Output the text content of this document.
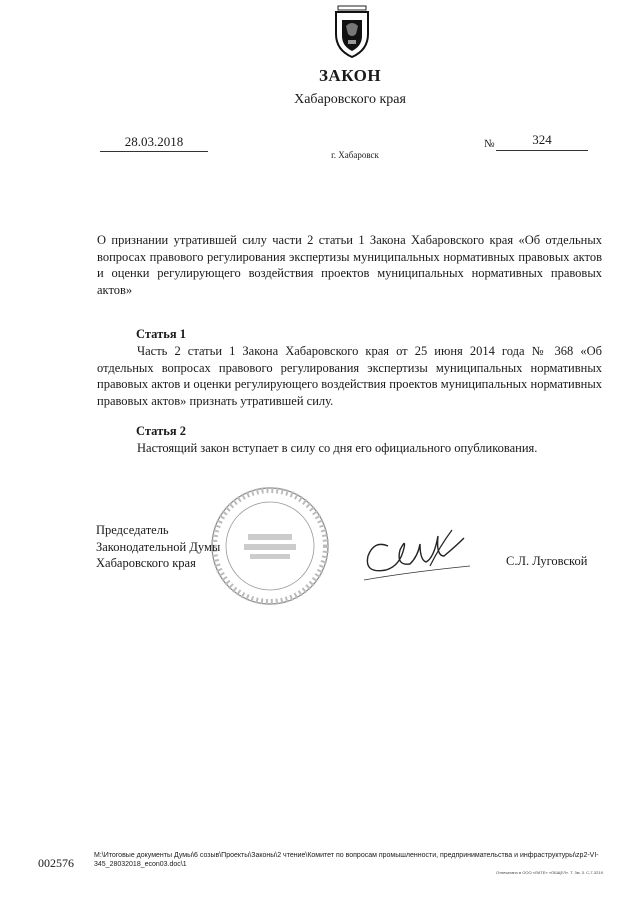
ЗАКОН
Хабаровского края
28.03.2018	№	324
г. Хабаровск
О признании утратившей силу части 2 статьи 1 Закона Хабаровского края «Об отдельных вопросах правового регулирования экспертизы муниципальных нормативных правовых актов и оценки регулирующего воздействия проектов муниципальных нормативных правовых актов»
Статья 1
Часть 2 статьи 1 Закона Хабаровского края от 25 июня 2014 года № 368 «Об отдельных вопросах правового регулирования экспертизы муниципальных нормативных правовых актов и оценки регулирующего воздействия проектов муниципальных нормативных правовых актов» признать утратившей силу.
Статья 2
Настоящий закон вступает в силу со дня его официального опубликования.
Председатель
Законодательной Думы
Хабаровского края	С.Л. Луговской
M:\Итоговые документы Думы\6 созыв\Проекты\Законы\2 чтение\Комитет по вопросам промышленности, предпринимательства и инфраструктуры\zp2-VI-345_28032018_econ03.doc\1
Отпечатано в ООО «ЛИТЕ» «ОБЩЕЛ». Т. 3м. 3. С-7-3219.
002576
